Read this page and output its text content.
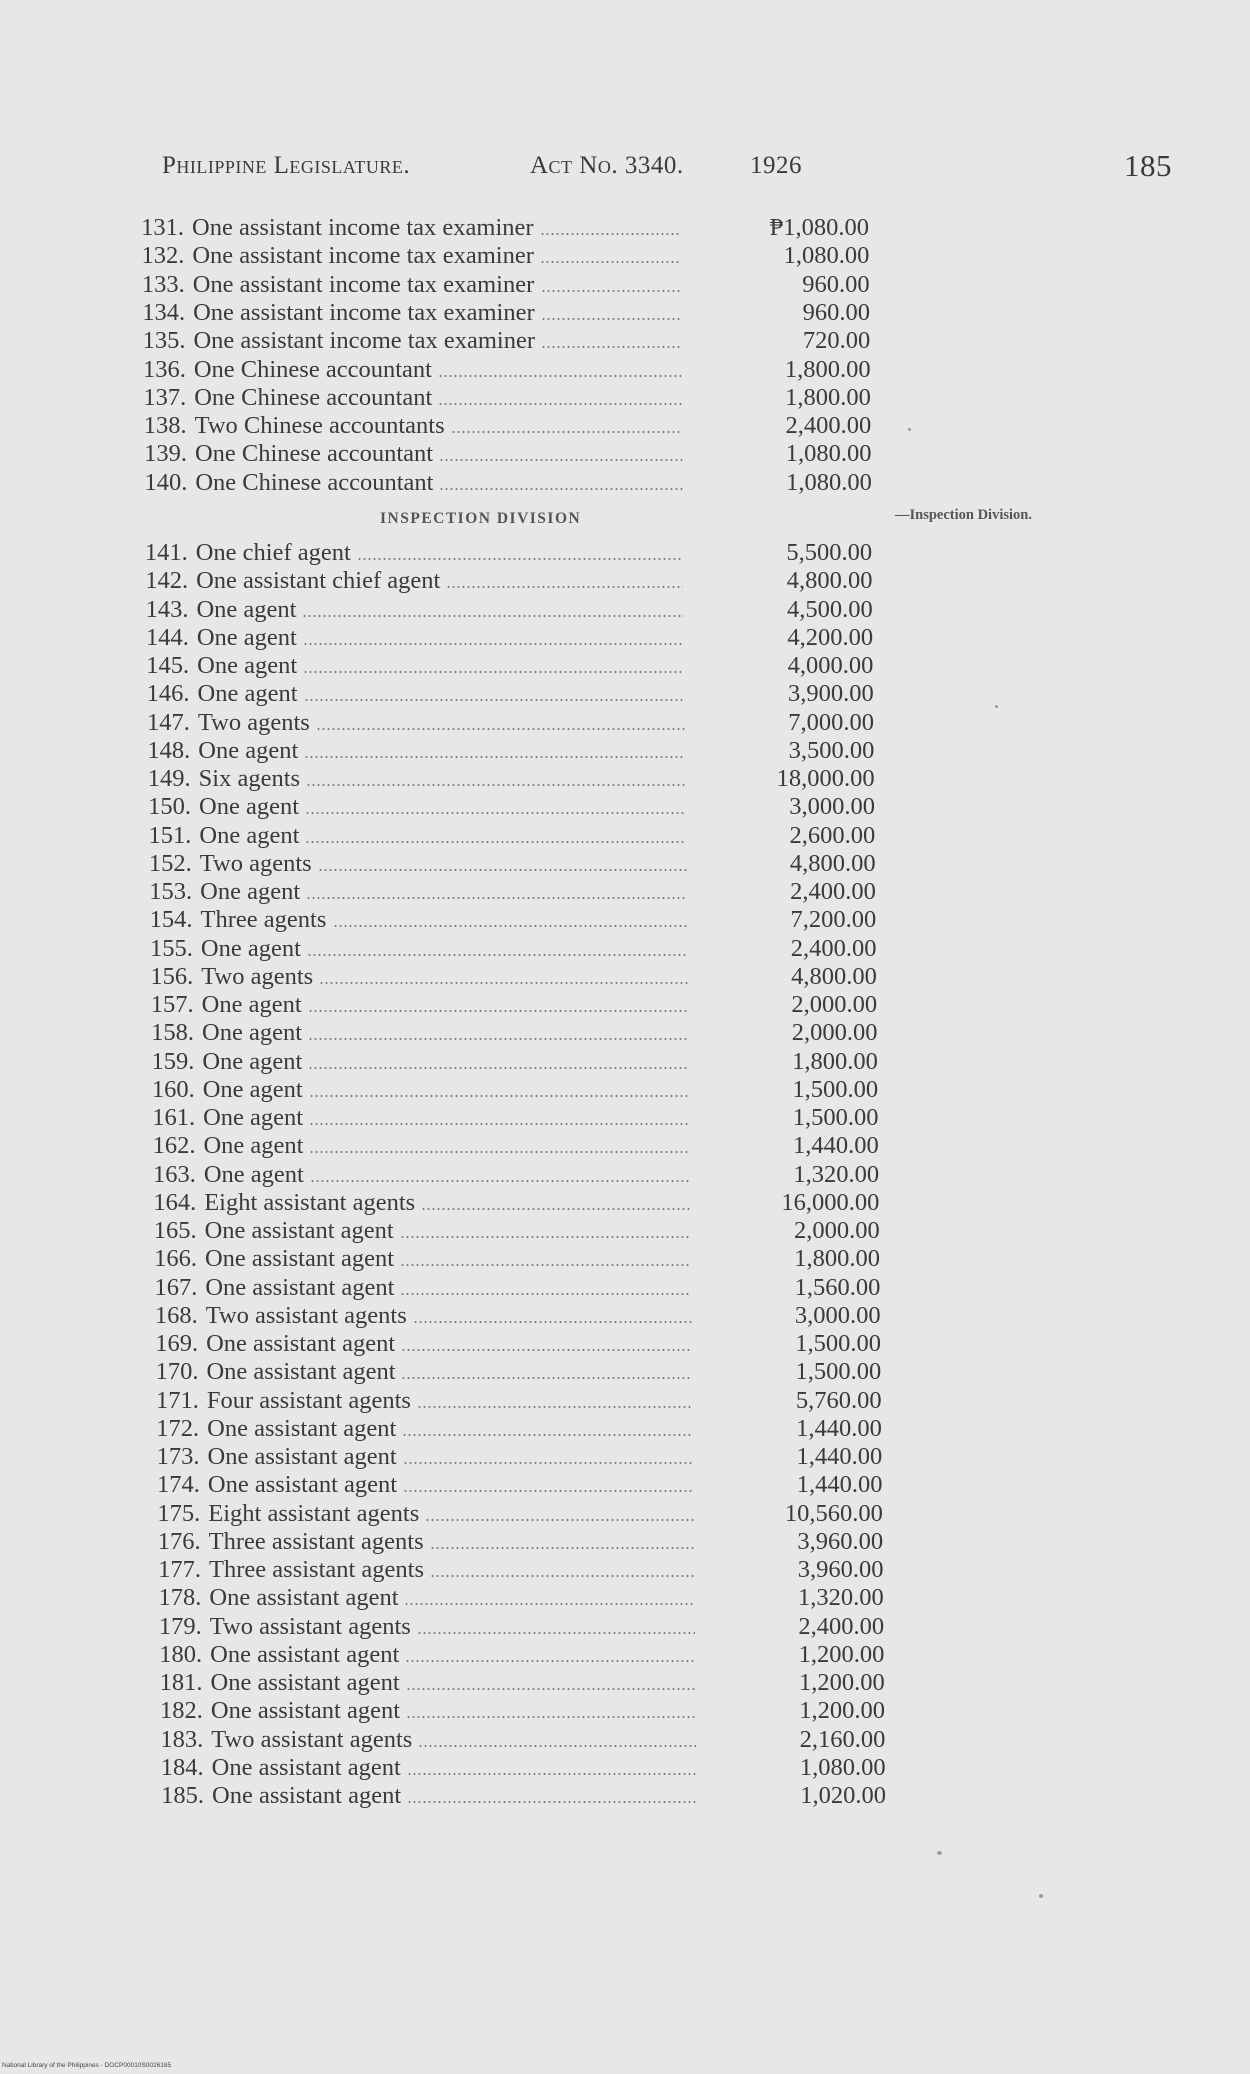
Philippine Legislature.	Act No. 3340.	1926	185
INSPECTION DIVISION	—Inspection Division.
131. One assistant income tax examiner	₱1,080.00
132. One assistant income tax examiner	1,080.00
133. One assistant income tax examiner	960.00
134. One assistant income tax examiner	960.00
135. One assistant income tax examiner	720.00
136. One Chinese accountant	1,800.00
137. One Chinese accountant	1,800.00
138. Two Chinese accountants	2,400.00
139. One Chinese accountant	1,080.00
140. One Chinese accountant	1,080.00
141. One chief agent	5,500.00
142. One assistant chief agent	4,800.00
143. One agent	4,500.00
144. One agent	4,200.00
145. One agent	4,000.00
146. One agent	3,900.00
147. Two agents	7,000.00
148. One agent	3,500.00
149. Six agents	18,000.00
150. One agent	3,000.00
151. One agent	2,600.00
152. Two agents	4,800.00
153. One agent	2,400.00
154. Three agents	7,200.00
155. One agent	2,400.00
156. Two agents	4,800.00
157. One agent	2,000.00
158. One agent	2,000.00
159. One agent	1,800.00
160. One agent	1,500.00
161. One agent	1,500.00
162. One agent	1,440.00
163. One agent	1,320.00
164. Eight assistant agents	16,000.00
165. One assistant agent	2,000.00
166. One assistant agent	1,800.00
167. One assistant agent	1,560.00
168. Two assistant agents	3,000.00
169. One assistant agent	1,500.00
170. One assistant agent	1,500.00
171. Four assistant agents	5,760.00
172. One assistant agent	1,440.00
173. One assistant agent	1,440.00
174. One assistant agent	1,440.00
175. Eight assistant agents	10,560.00
176. Three assistant agents	3,960.00
177. Three assistant agents	3,960.00
178. One assistant agent	1,320.00
179. Two assistant agents	2,400.00
180. One assistant agent	1,200.00
181. One assistant agent	1,200.00
182. One assistant agent	1,200.00
183. Two assistant agents	2,160.00
184. One assistant agent	1,080.00
185. One assistant agent	1,020.00
National Library of the Philippines · DOCP00010S0026185
